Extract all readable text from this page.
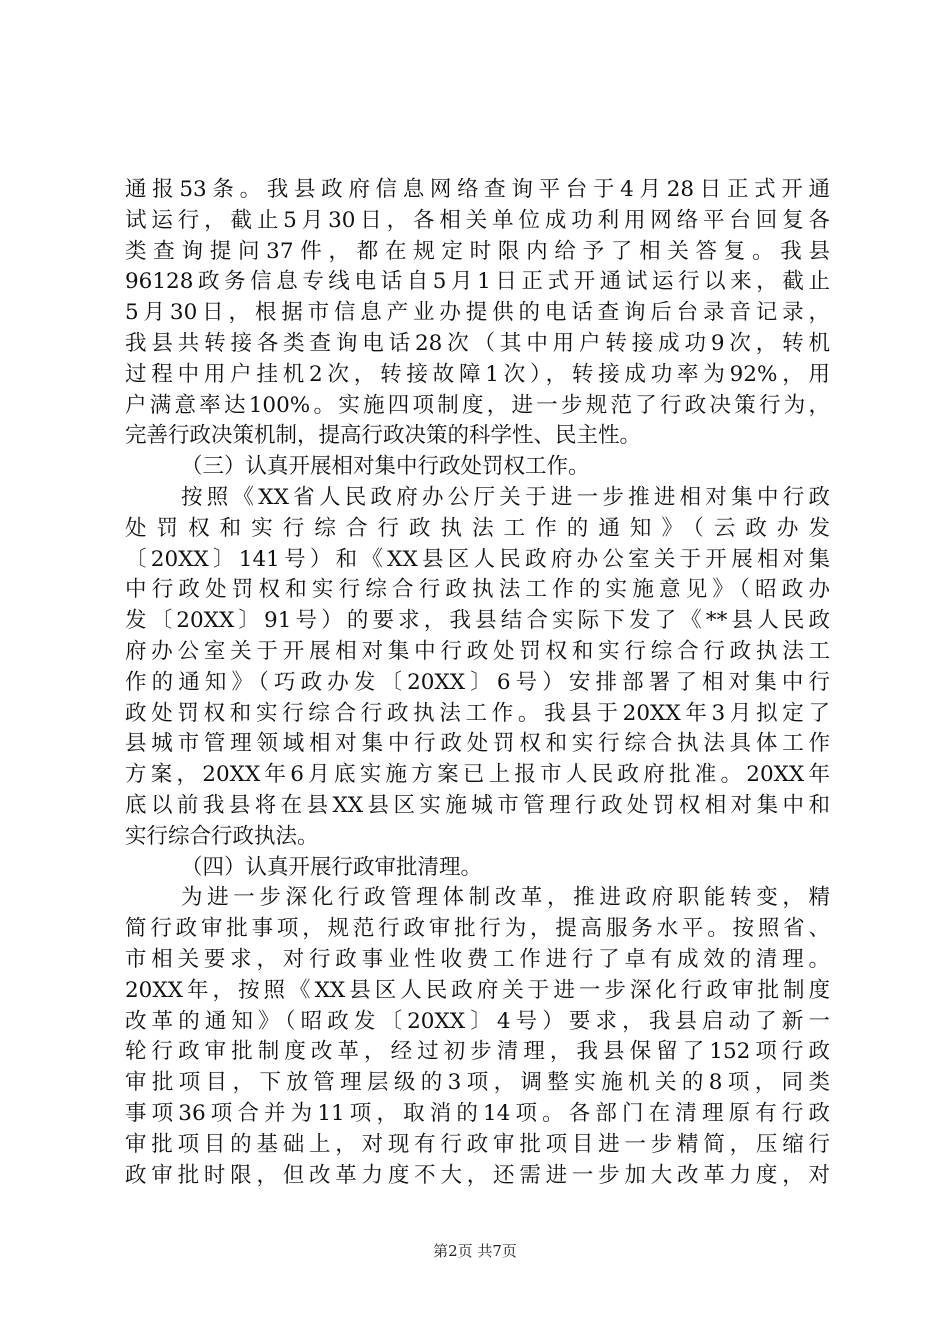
通报53条。我县政府信息网络查询平台于4月28日正式开通
试运行，截止5月30日，各相关单位成功利用网络平台回复各
类查询提问37件，都在规定时限内给予了相关答复。我县
96128政务信息专线电话自5月1日正式开通试运行以来，截止
5月30日，根据市信息产业办提供的电话查询后台录音记录，
我县共转接各类查询电话28次（其中用户转接成功9次，转机
过程中用户挂机2次，转接故障1次），转接成功率为92%，用
户满意率达100%。实施四项制度，进一步规范了行政决策行为，
完善行政决策机制，提高行政决策的科学性、民主性。
（三）认真开展相对集中行政处罚权工作。
按照《XX省人民政府办公厅关于进一步推进相对集中行政
处罚权和实行综合行政执法工作的通知》（云政办发
〔20XX〕141号）和《XX县区人民政府办公室关于开展相对集
中行政处罚权和实行综合行政执法工作的实施意见》（昭政办
发〔20XX〕91号）的要求，我县结合实际下发了《**县人民政
府办公室关于开展相对集中行政处罚权和实行综合行政执法工
作的通知》（巧政办发〔20XX〕6号）安排部署了相对集中行
政处罚权和实行综合行政执法工作。我县于20XX年3月拟定了
县城市管理领域相对集中行政处罚权和实行综合执法具体工作
方案，20XX年6月底实施方案已上报市人民政府批准。20XX年
底以前我县将在县XX县区实施城市管理行政处罚权相对集中和
实行综合行政执法。
（四）认真开展行政审批清理。
为进一步深化行政管理体制改革，推进政府职能转变，精
简行政审批事项，规范行政审批行为，提高服务水平。按照省、
市相关要求，对行政事业性收费工作进行了卓有成效的清理。
20XX年，按照《XX县区人民政府关于进一步深化行政审批制度
改革的通知》（昭政发〔20XX〕4号）要求，我县启动了新一
轮行政审批制度改革，经过初步清理，我县保留了152项行政
审批项目，下放管理层级的3项，调整实施机关的8项，同类
事项36项合并为11项，取消的14项。各部门在清理原有行政
审批项目的基础上，对现有行政审批项目进一步精简，压缩行
政审批时限，但改革力度不大，还需进一步加大改革力度，对
第2页 共7页
